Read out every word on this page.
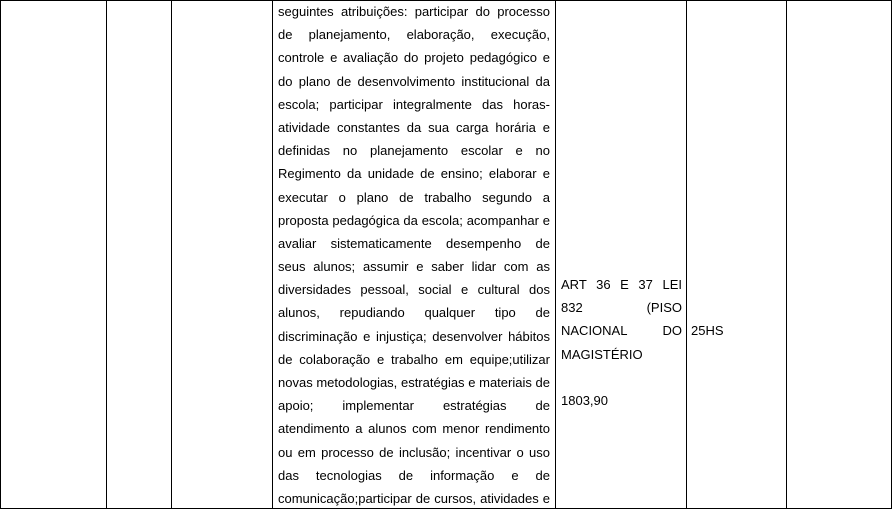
seguintes atribuições: participar do processo
de planejamento, elaboração, execução,
controle e avaliação do projeto pedagógico e
do plano de desenvolvimento institucional da
escola; participar integralmente das horas-
atividade constantes da sua carga horária e
definidas no planejamento escolar e no
Regimento da unidade de ensino; elaborar e
executar o plano de trabalho segundo a
proposta pedagógica da escola; acompanhar e
avaliar sistematicamente desempenho de
seus alunos; assumir e saber lidar com as
diversidades pessoal, social e cultural dos
alunos, repudiando qualquer tipo de
discriminação e injustiça; desenvolver hábitos
de colaboração e trabalho em equipe;utilizar
novas metodologias, estratégias e materiais de
apoio; implementar estratégias de
atendimento a alunos com menor rendimento
ou em processo de inclusão; incentivar o uso
das tecnologias de informação e de
comunicação;participar de cursos, atividades e
ART 36 E 37 LEI
832 (PISO
NACIONAL DO
MAGISTÉRIO
1803,90
25HS
